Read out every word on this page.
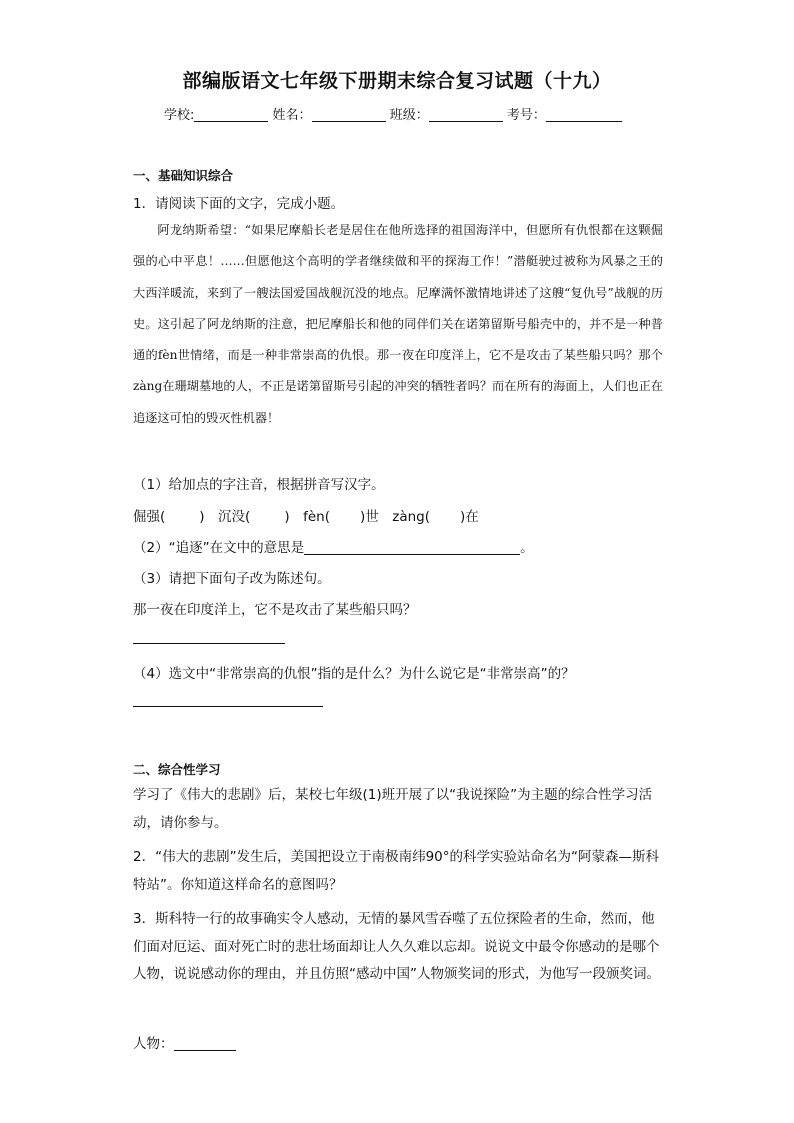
部编版语文七年级下册期末综合复习试题（十九）
学校:	姓名：	班级：	考号：
一、基础知识综合
1．请阅读下面的文字，完成小题。

阿龙纳斯希望：“如果尼摩船长老是居住在他所选择的祖国海洋中，但愿所有仇恨都在这颗倔强的心中平息！……但愿他这个高明的学者继续做和平的探海工作！”潜艇驶过被称为风暴之王的大西洋暖流，来到了一艘法国爱国战舰沉没的地点。尼摩满怀激情地讲述了这艘“复仇号”战舰的历史。这引起了阿龙纳斯的注意，把尼摩船长和他的同伴们关在诺第留斯号船壳中的，并不是一种普通的fèn世情绪，而是一种非常崇高的仇恨。那一夜在印度洋上，它不是攻击了某些船只吗？那个zàng在珊瑚墓地的人，不正是诺第留斯号引起的冲突的牺牲者吗？而在所有的海面上，人们也正在追逐这可怕的毁灭性机器！

（1）给加点的字注音，根据拼音写汉字。
倔强(	)　沉没(	)　fèn( )世　zàng( )在
（2）“追逐”在文中的意思是	。
（3）请把下面句子改为陈述句。
那一夜在印度洋上，它不是攻击了某些船只吗？
（4）选文中“非常崇高的仇恨”指的是什么？为什么说它是“非常崇高”的？
二、综合性学习
学习了《伟大的悲剧》后，某校七年级(1)班开展了以“我说探险”为主题的综合性学习活动，请你参与。
2．“伟大的悲剧”发生后，美国把设立于南极南纬90°的科学实验站命名为“阿蒙森—斯科特站”。你知道这样命名的意图吗？
3．斯科特一行的故事确实令人感动，无情的暴风雪吞噬了五位探险者的生命，然而，他们面对厄运、面对死亡时的悲壮场面却让人久久难以忘却。说说文中最令你感动的是哪个人物，说说感动你的理由，并且仿照“感动中国”人物颁奖词的形式，为他写一段颁奖词。
人物：
